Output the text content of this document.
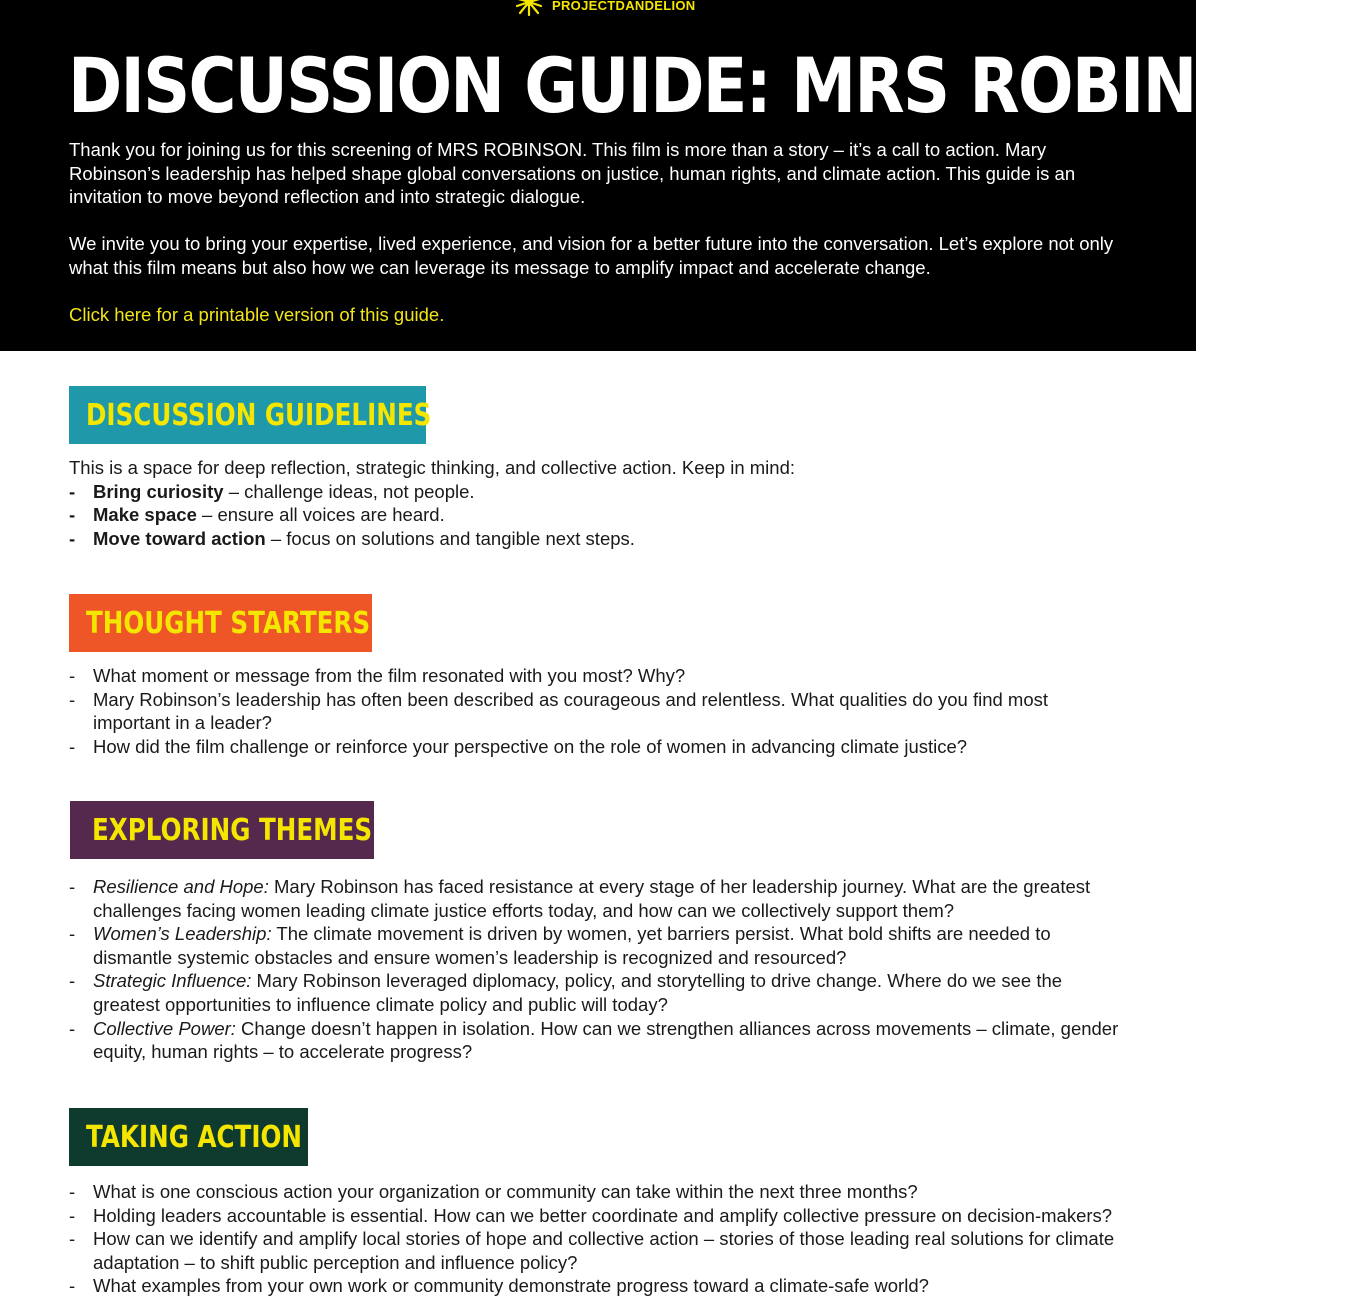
PROJECTDANDELION
DISCUSSION GUIDE: MRS ROBINSON

Thank you for joining us for this screening of MRS ROBINSON. This film is more than a story – it’s a call to action. Mary Robinson’s leadership has helped shape global conversations on justice, human rights, and climate action. This guide is an invitation to move beyond reflection and into strategic dialogue.

We invite you to bring your expertise, lived experience, and vision for a better future into the conversation. Let’s explore not only what this film means but also how we can leverage its message to amplify impact and accelerate change.

Click here for a printable version of this guide.

DISCUSSION GUIDELINES

This is a space for deep reflection, strategic thinking, and collective action. Keep in mind:

- Bring curiosity – challenge ideas, not people.
- Make space – ensure all voices are heard.
- Move toward action – focus on solutions and tangible next steps.
THOUGHT STARTERS
- What moment or message from the film resonated with you most? Why?
- Mary Robinson’s leadership has often been described as courageous and relentless. What qualities do you find most important in a leader?
- How did the film challenge or reinforce your perspective on the role of women in advancing climate justice?
EXPLORING THEMES
- Resilience and Hope: Mary Robinson has faced resistance at every stage of her leadership journey. What are the greatest challenges facing women leading climate justice efforts today, and how can we collectively support them?
- Women’s Leadership: The climate movement is driven by women, yet barriers persist. What bold shifts are needed to dismantle systemic obstacles and ensure women’s leadership is recognized and resourced?
- Strategic Influence: Mary Robinson leveraged diplomacy, policy, and storytelling to drive change. Where do we see the greatest opportunities to influence climate policy and public will today?
- Collective Power: Change doesn’t happen in isolation. How can we strengthen alliances across movements – climate, gender equity, human rights – to accelerate progress?
TAKING ACTION
- What is one conscious action your organization or community can take within the next three months?
- Holding leaders accountable is essential. How can we better coordinate and amplify collective pressure on decision-makers?
- How can we identify and amplify local stories of hope and collective action – stories of those leading real solutions for climate adaptation – to shift public perception and influence policy?
- What examples from your own work or community demonstrate progress toward a climate-safe world?
